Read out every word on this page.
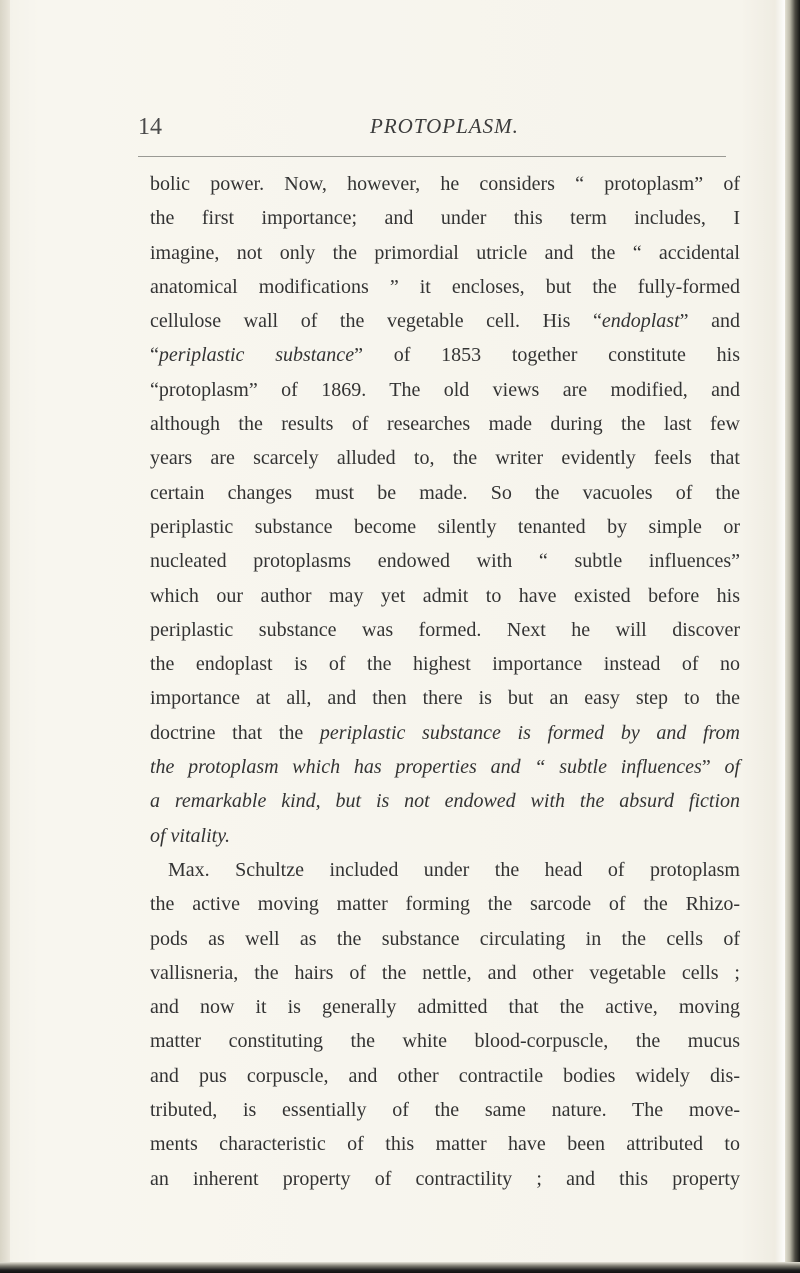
14	PROTOPLASM.
bolic power. Now, however, he considers “ protoplasm” of
the first importance; and under this term includes, I
imagine, not only the primordial utricle and the “ accidental
anatomical modifications ” it encloses, but the fully-formed
cellulose wall of the vegetable cell. His “endoplast” and
“periplastic substance” of 1853 together constitute his
“protoplasm” of 1869. The old views are modified, and
although the results of researches made during the last few
years are scarcely alluded to, the writer evidently feels that
certain changes must be made. So the vacuoles of the
periplastic substance become silently tenanted by simple or
nucleated protoplasms endowed with “ subtle influences”
which our author may yet admit to have existed before his
periplastic substance was formed. Next he will discover
the endoplast is of the highest importance instead of no
importance at all, and then there is but an easy step to the
doctrine that the periplastic substance is formed by and from
the protoplasm which has properties and “ subtle influences” of
a remarkable kind, but is not endowed with the absurd fiction
of vitality.
Max. Schultze included under the head of protoplasm
the active moving matter forming the sarcode of the Rhizo-
pods as well as the substance circulating in the cells of
vallisneria, the hairs of the nettle, and other vegetable cells ;
and now it is generally admitted that the active, moving
matter constituting the white blood-corpuscle, the mucus
and pus corpuscle, and other contractile bodies widely dis-
tributed, is essentially of the same nature. The move-
ments characteristic of this matter have been attributed to
an inherent property of contractility ; and this property
